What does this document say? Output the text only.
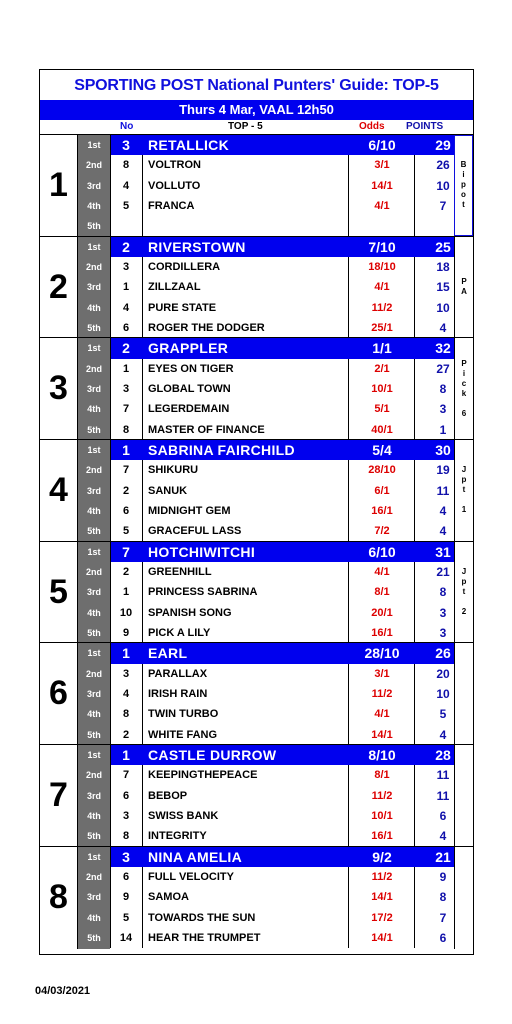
SPORTING POST National Punters' Guide: TOP-5
Thurs 4 Mar, VAAL 12h50
No	TOP - 5	Odds POINTS
1
1st	3	RETALLICK	6/10	29
2nd	8	VOLTRON	3/1	26
3rd	4	VOLLUTO	14/1	10
4th	5	FRANCA	4/1	7
5th
B
i
p
o
t
2
1st	2	RIVERSTOWN	7/10	25
2nd	3	CORDILLERA	18/10	18
3rd	1	ZILLZAAL	4/1	15
4th	4	PURE STATE	11/2	10
5th	6	ROGER THE DODGER	25/1	4
P
A
3
1st	2	GRAPPLER	1/1	32
2nd	1	EYES ON TIGER	2/1	27
3rd	3	GLOBAL TOWN	10/1	8
4th	7	LEGERDEMAIN	5/1	3
5th	8	MASTER OF FINANCE	40/1	1
P
i
c
k
6
4
1st	1	SABRINA FAIRCHILD	5/4	30
2nd	7	SHIKURU	28/10	19
3rd	2	SANUK	6/1	11
4th	6	MIDNIGHT GEM	16/1	4
5th	5	GRACEFUL LASS	7/2	4
J
p
t
1
5
1st	7	HOTCHIWITCHI	6/10	31
2nd	2	GREENHILL	4/1	21
3rd	1	PRINCESS SABRINA	8/1	8
4th	10	SPANISH SONG	20/1	3
5th	9	PICK A LILY	16/1	3
J
p
t
2
6
1st	1	EARL	28/10	26
2nd	3	PARALLAX	3/1	20
3rd	4	IRISH RAIN	11/2	10
4th	8	TWIN TURBO	4/1	5
5th	2	WHITE FANG	14/1	4
7
1st	1	CASTLE DURROW	8/10	28
2nd	7	KEEPINGTHEPEACE	8/1	11
3rd	6	BEBOP	11/2	11
4th	3	SWISS BANK	10/1	6
5th	8	INTEGRITY	16/1	4
8
1st	3	NINA AMELIA	9/2	21
2nd	6	FULL VELOCITY	11/2	9
3rd	9	SAMOA	14/1	8
4th	5	TOWARDS THE SUN	17/2	7
5th	14	HEAR THE TRUMPET	14/1	6
04/03/2021
